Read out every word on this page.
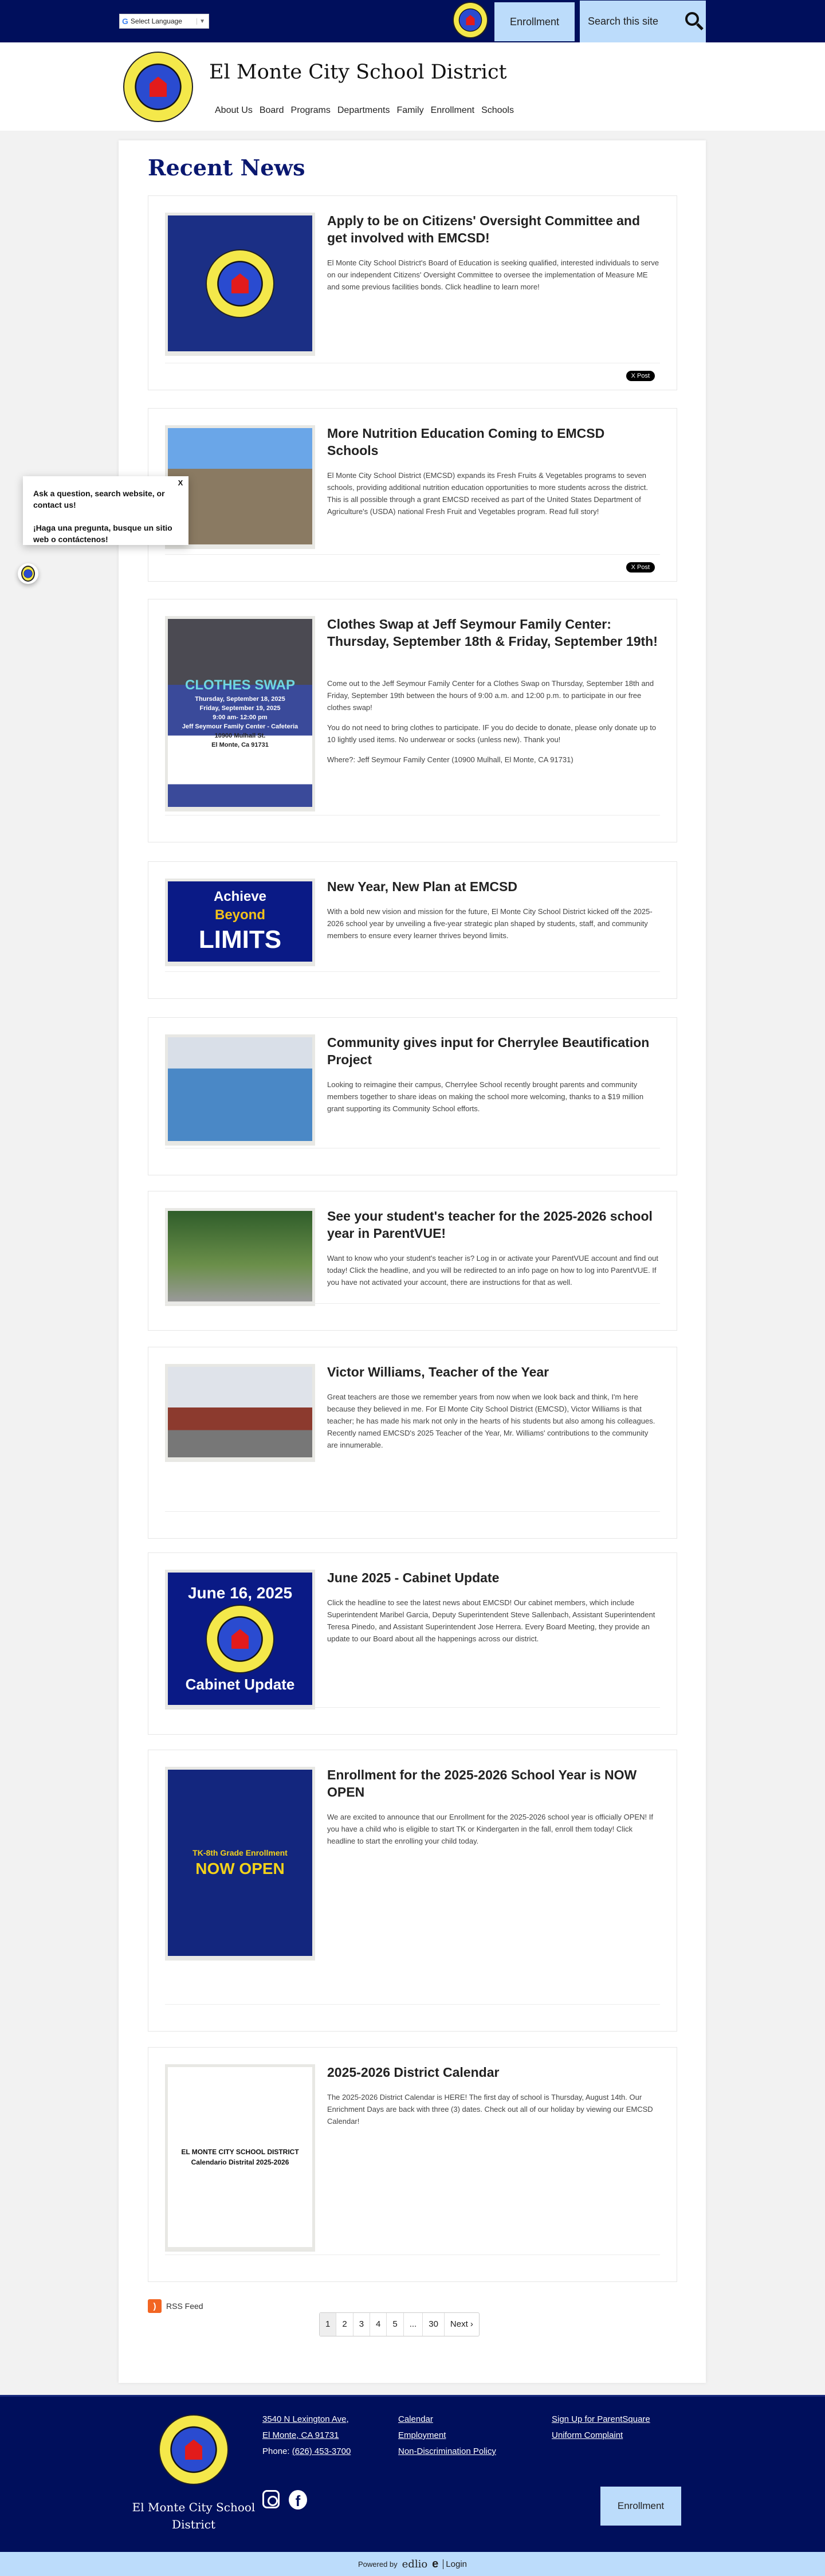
G Select Language	▼	Enrollment	Search this site
El Monte City School District
About Us Board Programs Departments Family Enrollment Schools
Recent News
Apply to be on Citizens' Oversight Committee and get involved with EMCSD!

El Monte City School District's Board of Education is seeking qualified, interested individuals to serve on our independent Citizens' Oversight Committee to oversee the implementation of Measure ME and some previous facilities bonds. Click headline to learn more!

X Post
More Nutrition Education Coming to EMCSD Schools

El Monte City School District (EMCSD) expands its Fresh Fruits & Vegetables programs to seven schools, providing additional nutrition education opportunities to more students across the district. This is all possible through a grant EMCSD received as part of the United States Department of Agriculture's (USDA) national Fresh Fruit and Vegetables program. Read full story!

X Post
CLOTHES SWAP
Thursday, September 18, 2025
Friday, September 19, 2025
9:00 am- 12:00 pm
Jeff Seymour Family Center - Cafeteria
10900 Mulhall St.
El Monte, Ca 91731
Clothes Swap at Jeff Seymour Family Center: Thursday, September 18th & Friday, September 19th!

Come out to the Jeff Seymour Family Center for a Clothes Swap on Thursday, September 18th and Friday, September 19th between the hours of 9:00 a.m. and 12:00 p.m. to participate in our free clothes swap!

You do not need to bring clothes to participate. IF you do decide to donate, please only donate up to 10 lightly used items. No underwear or socks (unless new). Thank you!

Where?: Jeff Seymour Family Center (10900 Mulhall, El Monte, CA 91731)

Achieve
Beyond
LIMITS
New Year, New Plan at EMCSD

With a bold new vision and mission for the future, El Monte City School District kicked off the 2025-2026 school year by unveiling a five-year strategic plan shaped by students, staff, and community members to ensure every learner thrives beyond limits.

Community gives input for Cherrylee Beautification Project

Looking to reimagine their campus, Cherrylee School recently brought parents and community members together to share ideas on making the school more welcoming, thanks to a $19 million grant supporting its Community School efforts.

See your student's teacher for the 2025-2026 school year in ParentVUE!

Want to know who your student's teacher is? Log in or activate your ParentVUE account and find out today! Click the headline, and you will be redirected to an info page on how to log into ParentVUE. If you have not activated your account, there are instructions for that as well.

Victor Williams, Teacher of the Year

Great teachers are those we remember years from now when we look back and think, I'm here because they believed in me. For El Monte City School District (EMCSD), Victor Williams is that teacher; he has made his mark not only in the hearts of his students but also among his colleagues. Recently named EMCSD's 2025 Teacher of the Year, Mr. Williams' contributions to the community are innumerable.

June 16, 2025
Cabinet Update
June 2025 - Cabinet Update

Click the headline to see the latest news about EMCSD! Our cabinet members, which include Superintendent Maribel Garcia, Deputy Superintendent Steve Sallenbach, Assistant Superintendent Teresa Pinedo, and Assistant Superintendent Jose Herrera. Every Board Meeting, they provide an update to our Board about all the happenings across our district.

TK-8th Grade Enrollment
NOW OPEN
Enrollment for the 2025-2026 School Year is NOW OPEN

We are excited to announce that our Enrollment for the 2025-2026 school year is officially OPEN! If you have a child who is eligible to start TK or Kindergarten in the fall, enroll them today! Click headline to start the enrolling your child today.

EL MONTE CITY SCHOOL DISTRICT
Calendario Distrital 2025-2026
2025-2026 District Calendar

The 2025-2026 District Calendar is HERE! The first day of school is Thursday, August 14th. Our Enrichment Days are back with three (3) dates. Check out all of our holiday by viewing our EMCSD Calendar!

)	RSS Feed
1	2	3	4	5	...	30	Next ›
El Monte City School District
3540 N Lexington Ave,
El Monte, CA 91731
Phone: (626) 453-3700
Calendar
Employment
Non-Discrimination Policy
Sign Up for ParentSquare
Uniform Complaint
f	Enrollment
Powered by edlio e Login
X
Ask a question, search website, or contact us!
¡Haga una pregunta, busque un sitio web o contáctenos!
